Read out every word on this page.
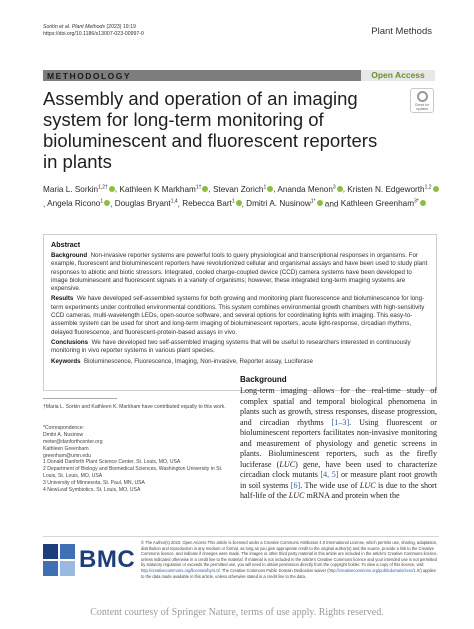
Sorkin et al. Plant Methods (2023) 19:19
https://doi.org/10.1186/s13007-023-00997-0	Plant Methods
METHODOLOGY	Open Access
Check for
updates
Assembly and operation of an imaging system for long-term monitoring of bioluminescent and fluorescent reporters in plants
Maria L. Sorkin$^{1,2\dagger}$ , Kathleen K Markham$^{1\dagger}$ , Stevan Zorich$^1$ , Ananda Menon$^3$ , Kristen N. Edgeworth$^{1,2}$, Angela Ricono$^1$ , Douglas Bryant$^{1,4}$, Rebecca Bart$^1$ , Dmitri A. Nusinow$^{1*}$ and Kathleen Greenham$^{3*}$
Abstract

Background Non-invasive reporter systems are powerful tools to query physiological and transcriptional responses in organisms. For example, fluorescent and bioluminescent reporters have revolutionized cellular and organismal assays and have been used to study plant responses to abiotic and biotic stressors. Integrated, cooled charge-coupled device (CCD) camera systems have been developed to image bioluminescent and fluorescent signals in a variety of organisms; however, these integrated long-term imaging systems are expensive.

Results We have developed self-assembled systems for both growing and monitoring plant fluorescence and bioluminescence for long-term experiments under controlled environmental conditions. This system combines environmental growth chambers with high-sensitivity CCD cameras, multi-wavelength LEDs, open-source software, and several options for coordinating lights with imaging. This easy-to-assemble system can be used for short and long-term imaging of bioluminescent reporters, acute light-response, circadian rhythms, delayed fluorescence, and fluorescent-protein-based assays in vivo.

Conclusions We have developed two self-assembled imaging systems that will be useful to researchers interested in continuously monitoring in vivo reporter systems in various plant species.

Keywords Bioluminescence, Fluorescence, Imaging, Non-invasive, Reporter assay, Luciferase

†Maria L. Sorkin and Kathleen K. Markham have contributed equally to this work.
*Correspondence:
Dmitri A. Nusinow
meter@danforthcenter.org
Kathleen Greenham
greenham@umn.edu
1 Donald Danforth Plant Science Center, St. Louis, MO, USA
2 Department of Biology and Biomedical Sciences, Washington University in St. Louis, St. Louis, MO, USA
3 University of Minnesota, St. Paul, MN, USA
4 NewLeaf Symbiotics, St. Louis, MO, USA
Background

Long-term imaging allows for the real-time study of complex spatial and temporal biological phenomena in plants such as growth, stress responses, disease progression, and circadian rhythms [1–3]. Using fluorescent or bioluminescent reporters facilitates non-invasive monitoring and measurement of physiology and genetic screens in plants. Bioluminescent reporters, such as the firefly luciferase (LUC) gene, have been used to characterize circadian clock mutants [4, 5] or measure plant root growth in soil systems [6]. The wide use of LUC is due to the short half-life of the LUC mRNA and protein when the

BMC
© The Author(s) 2023. Open Access This article is licensed under a Creative Commons Attribution 4.0 International License, which permits use, sharing, adaptation, distribution and reproduction in any medium or format, as long as you give appropriate credit to the original author(s) and the source, provide a link to the Creative Commons licence, and indicate if changes were made. The images or other third party material in this article are included in the article's Creative Commons licence, unless indicated otherwise in a credit line to the material. If material is not included in the article's Creative Commons licence and your intended use is not permitted by statutory regulation or exceeds the permitted use, you will need to obtain permission directly from the copyright holder. To view a copy of this licence, visit http://creativecommons.org/licenses/by/4.0/. The Creative Commons Public Domain Dedication waiver (http://creativecommons.org/publicdomain/zero/1.0/) applies to the data made available in this article, unless otherwise stated in a credit line to the data.
Content courtesy of Springer Nature, terms of use apply. Rights reserved.
